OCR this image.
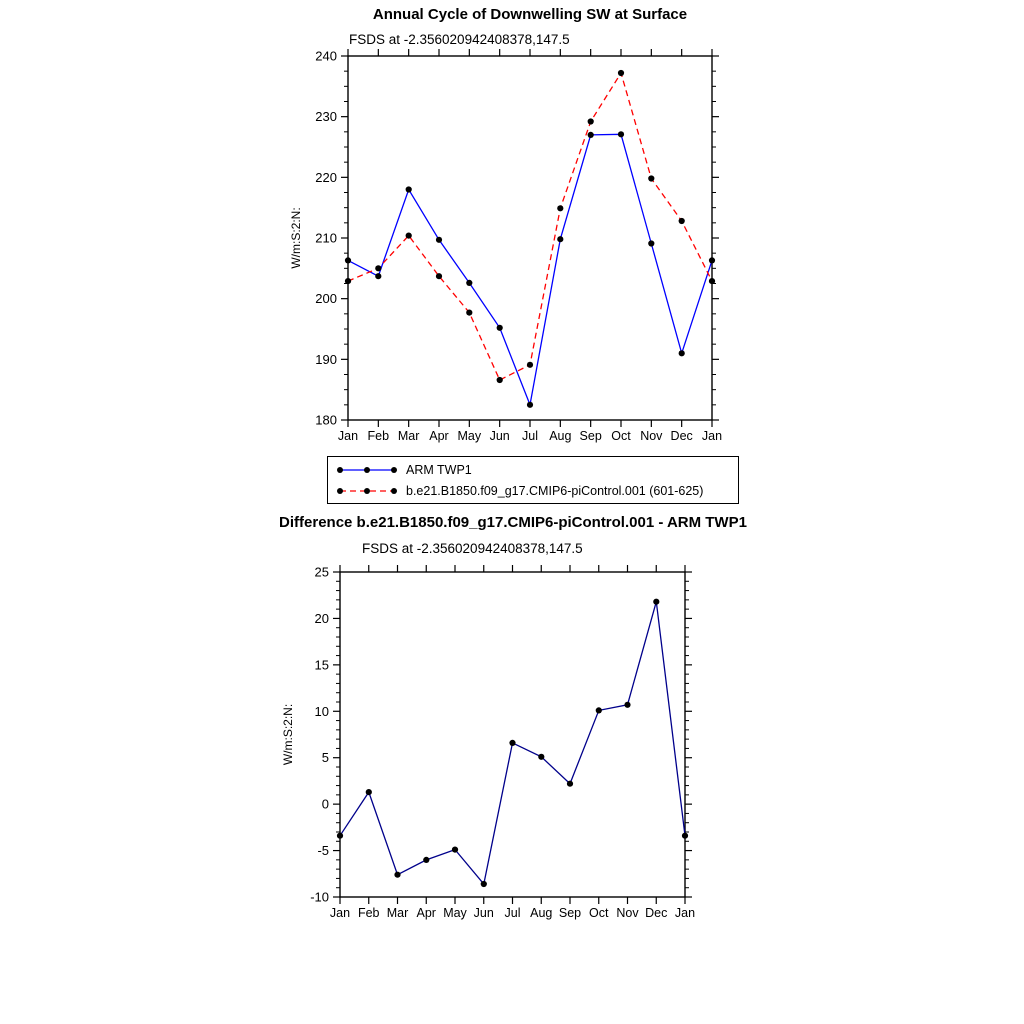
Annual Cycle of Downwelling SW at Surface
FSDS at -2.356020942408378,147.5
180
190
200
210
220
230
240
Jan Feb Mar Apr May Jun Jul Aug Sep Oct Nov Dec Jan
W/m:S:2:N:
ARM TWP1
b.e21.B1850.f09_g17.CMIP6-piControl.001 (601-625)
Difference b.e21.B1850.f09_g17.CMIP6-piControl.001 - ARM TWP1
FSDS at -2.356020942408378,147.5
-10
-5
0
5
10
15
20
25
Jan Feb Mar Apr May Jun Jul Aug Sep Oct Nov Dec Jan
W/m:S:2:N:
